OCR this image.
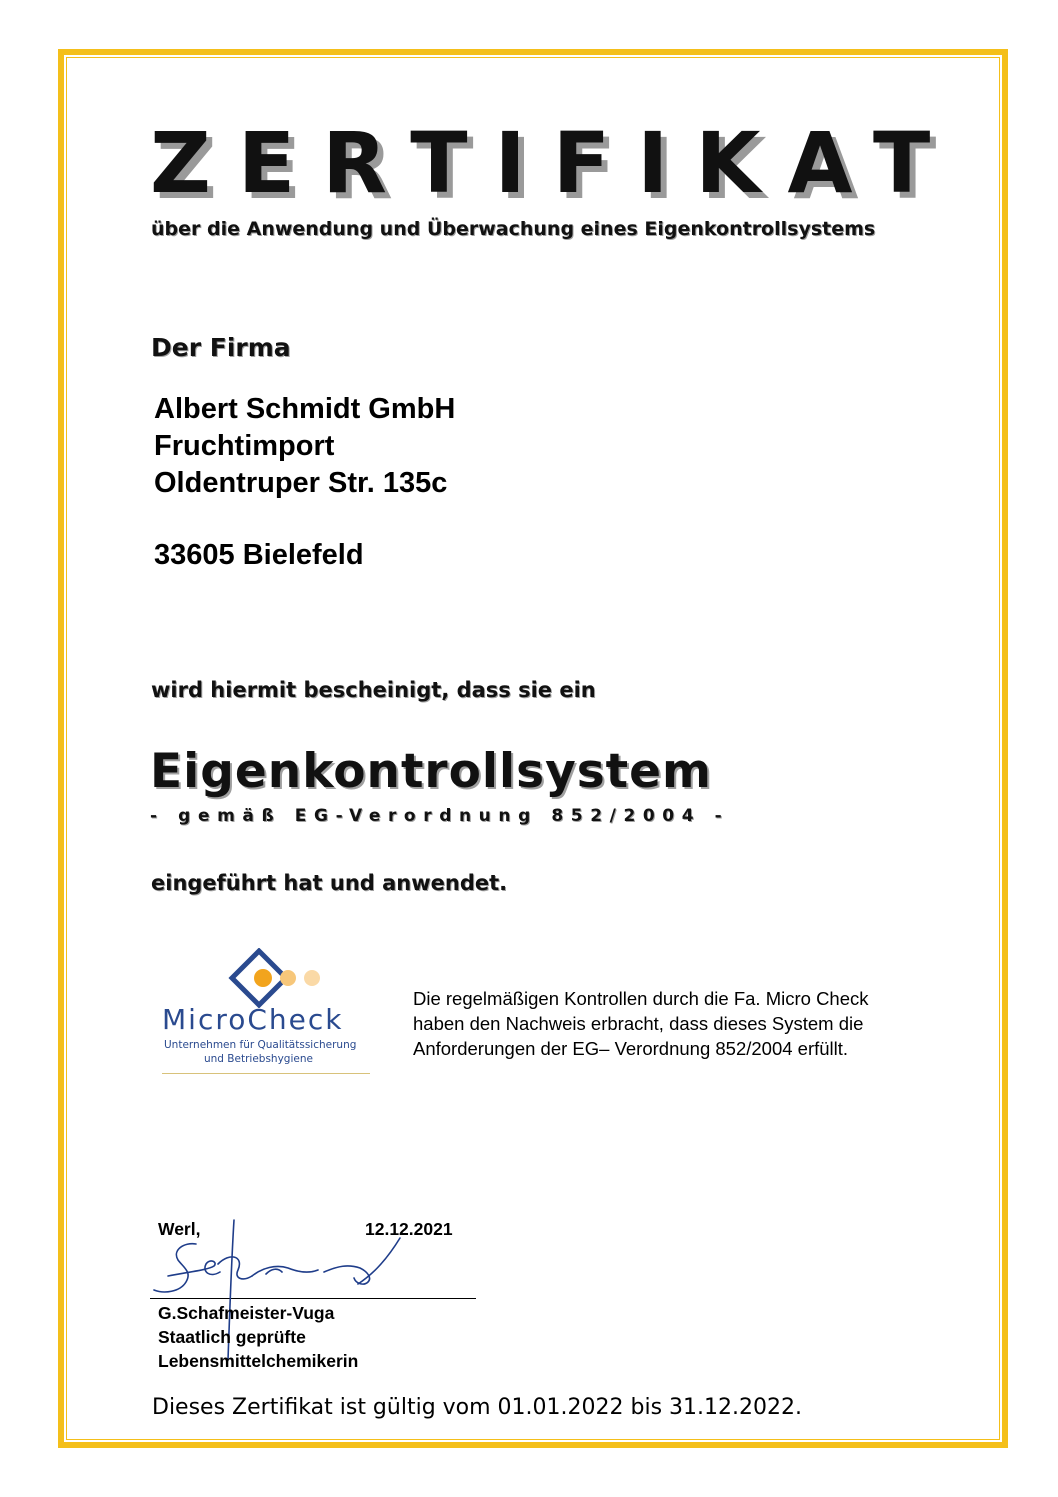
ZERTIFIKAT
über die Anwendung und Überwachung eines Eigenkontrollsystems
Der Firma
Albert Schmidt GmbH
Fruchtimport
Oldentruper Str. 135c
33605 Bielefeld
wird hiermit bescheinigt, dass sie ein
Eigenkontrollsystem
- gemäß EG-Verordnung 852/2004 -
eingeführt hat und anwendet.
MicroCheck
Unternehmen für Qualitätssicherung
und Betriebshygiene
Die regelmäßigen Kontrollen durch die Fa. Micro Check
haben den Nachweis erbracht, dass dieses System die
Anforderungen der EG– Verordnung 852/2004 erfüllt.
Werl,	12.12.2021
G.Schafmeister-Vuga
Staatlich geprüfte
Lebensmittelchemikerin
Dieses Zertifikat ist gültig vom 01.01.2022 bis 31.12.2022.
